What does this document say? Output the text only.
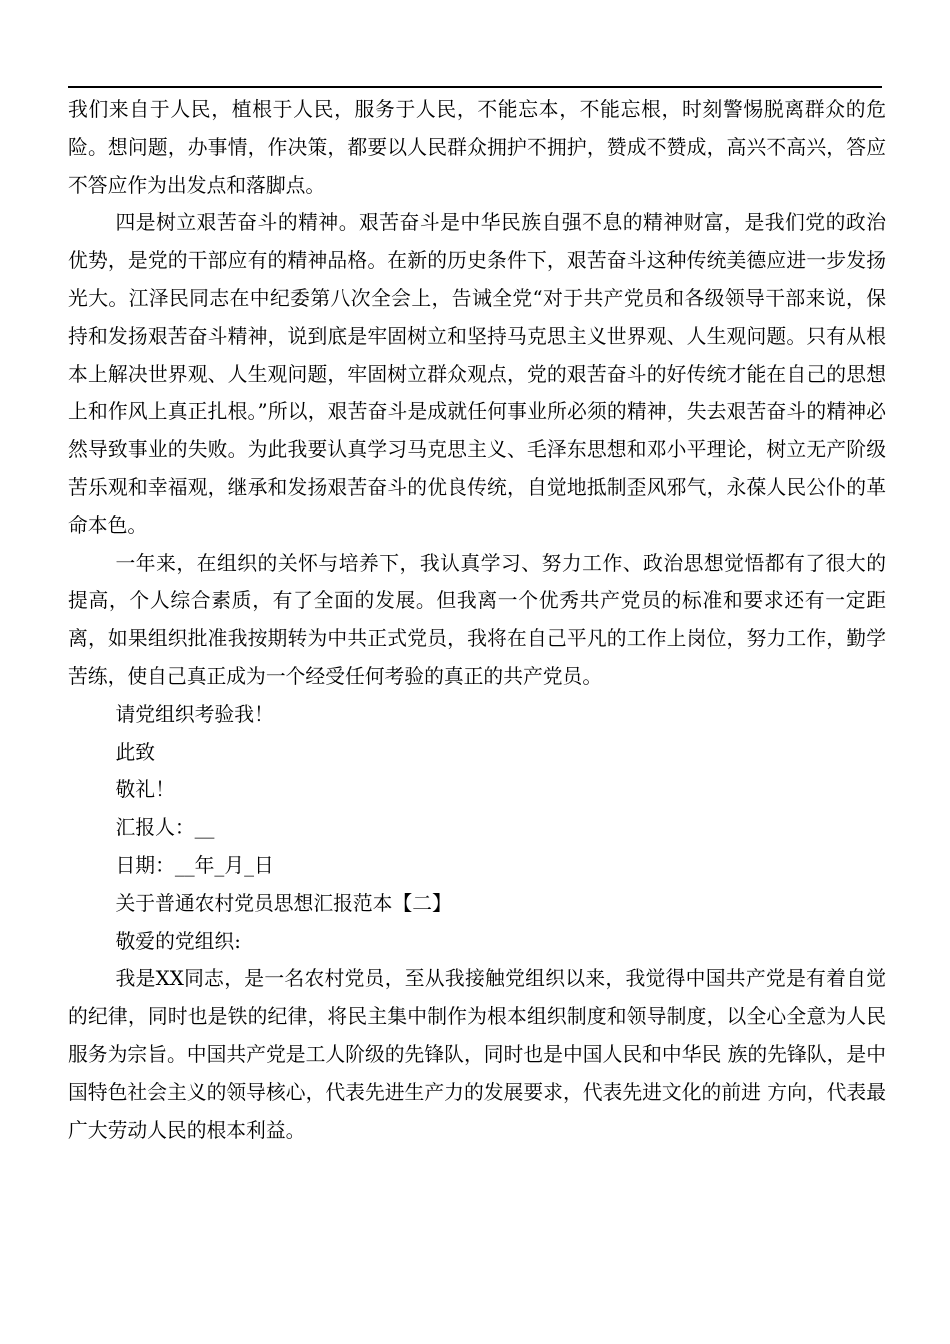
我们来自于人民，植根于人民，服务于人民，不能忘本，不能忘根，时刻警惕脱离群众的危险。想问题，办事情，作决策，都要以人民群众拥护不拥护，赞成不赞成，高兴不高兴，答应不答应作为出发点和落脚点。

四是树立艰苦奋斗的精神。艰苦奋斗是中华民族自强不息的精神财富，是我们党的政治优势，是党的干部应有的精神品格。在新的历史条件下，艰苦奋斗这种传统美德应进一步发扬光大。江泽民同志在中纪委第八次全会上，告诫全党“对于共产党员和各级领导干部来说，保持和发扬艰苦奋斗精神，说到底是牢固树立和坚持马克思主义世界观、人生观问题。只有从根本上解决世界观、人生观问题，牢固树立群众观点，党的艰苦奋斗的好传统才能在自己的思想上和作风上真正扎根。”所以，艰苦奋斗是成就任何事业所必须的精神，失去艰苦奋斗的精神必然导致事业的失败。为此我要认真学习马克思主义、毛泽东思想和邓小平理论，树立无产阶级苦乐观和幸福观，继承和发扬艰苦奋斗的优良传统，自觉地抵制歪风邪气，永葆人民公仆的革命本色。

一年来，在组织的关怀与培养下，我认真学习、努力工作、政治思想觉悟都有了很大的提高，个人综合素质，有了全面的发展。但我离一个优秀共产党员的标准和要求还有一定距离，如果组织批准我按期转为中共正式党员，我将在自己平凡的工作上岗位，努力工作，勤学苦练，使自己真正成为一个经受任何考验的真正的共产党员。

请党组织考验我！

此致

敬礼！

汇报人：__

日期：__年_月_日

关于普通农村党员思想汇报范本【二】

敬爱的党组织:

我是XX同志，是一名农村党员，至从我接触党组织以来，我觉得中国共产党是有着自觉的纪律，同时也是铁的纪律，将民主集中制作为根本组织制度和领导制度，以全心全意为人民服务为宗旨。中国共产党是工人阶级的先锋队，同时也是中国人民和中华民 族的先锋队，是中国特色社会主义的领导核心，代表先进生产力的发展要求，代表先进文化的前进 方向，代表最广大劳动人民的根本利益。
